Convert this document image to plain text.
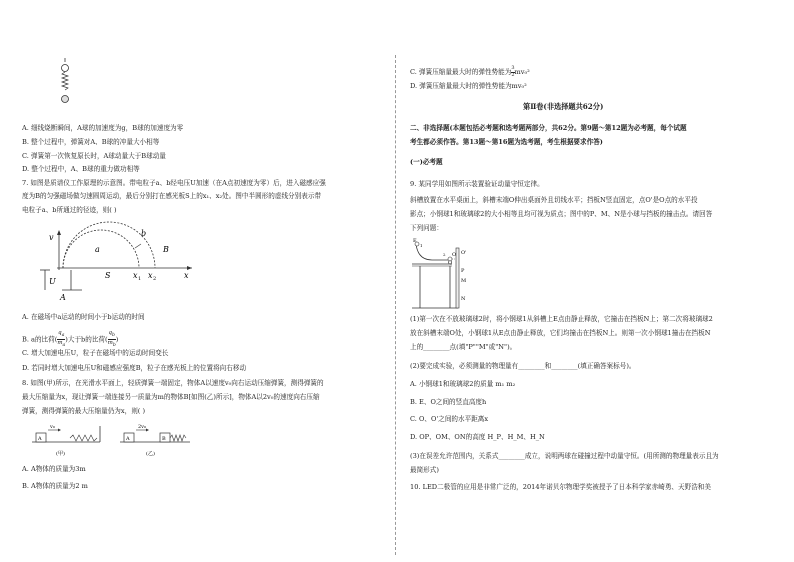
A. 细线烧断瞬间，A球的加速度为g，B球的加速度为零
B. 整个过程中，弹簧对A、B球的冲量大小相等
C. 弹簧第一次恢复原长时，A球动量大于B球动量
D. 整个过程中，A、B球的重力做功相等
7. 如图是质谱仪工作原理的示意图。带电粒子a、b经电压U加速（在A点初速度为零）后，进入磁感应强
度为B的匀强磁场做匀速圆周运动，最后分别打在感光板S上的x₁、x₂处。图中半圆形的虚线分别表示带
电粒子a、b所通过的径迹，则( )
v
a
b
B
U
A
S	x 1 x 2	x
A. 在磁场中a运动的时间小于b运动的时间
B. a的比荷$(\frac{q_a}{m_a})$大于b的比荷$(\frac{q_b}{m_b})$
C. 增大加速电压U，粒子在磁场中的运动时间变长
D. 若同时增大加速电压U和磁感应强度B，粒子在感光板上的位置将向右移动
8. 如图(甲)所示，在光滑水平面上，轻质弹簧一端固定，物体A以速度v₀向右运动压缩弹簧，测得弹簧的
最大压缩量为x，现让弹簧一端连接另一质量为m的物体B[如图(乙)所示]，物体A以2v₀的速度向右压缩
弹簧，测得弹簧的最大压缩量仍为x，则( )
v₀
A
(甲)
2v₀
A	B
(乙)
A. A物体的质量为3m
B. A物体的质量为2 m
C. 弹簧压缩量最大时的弹性势能为$\frac{3}{2}mv_0^2$
D. 弹簧压缩量最大时的弹性势能为mv₀²
第Ⅱ卷(非选择题共62分)
二、非选择题(本题包括必考题和选考题两部分，共62分。第9题～第12题为必考题，每个试题
考生都必须作答。第13题～第16题为选考题，考生根据要求作答)
(一)必考题
9. 某同学用如图所示装置验证动量守恒定律。
斜槽放置在水平桌面上，斜槽末端O伸出桌面外且切线水平；挡板N竖直固定，点O'是O点的水平投
影点；小钢球1和玻璃球2的大小相等且均可视为质点；图中的P、M、N是小球与挡板的撞击点。请回答
下列问题：
E
1
2
Q
O'
P
M
N
O
(1)第一次在不放玻璃球2时，将小钢球1从斜槽上E点由静止释放，它撞击在挡板N上；第二次将玻璃球2
放在斜槽末端O处，小钢球1从E点由静止释放，它们均撞击在挡板N上。则第一次小钢球1撞击在挡板N
上的________点(填"P""M"或"N")。
(2)要完成实验，必须测量的物理量有________和________(填正确答案标号)。
A. 小钢球1和玻璃球2的质量 m₁ m₂
B. E、O之间的竖直高度h
C. O、O'之间的水平距离x
D. OP、OM、ON的高度 H_P、H_M、H_N
(3)在误差允许范围内，关系式________成立，说明两球在碰撞过程中动量守恒。(用所测的物理量表示且为
最简形式)
10. LED二极管的应用是非常广泛的，2014年诺贝尔物理学奖被授予了日本科学家赤崎勇、天野浩和美
